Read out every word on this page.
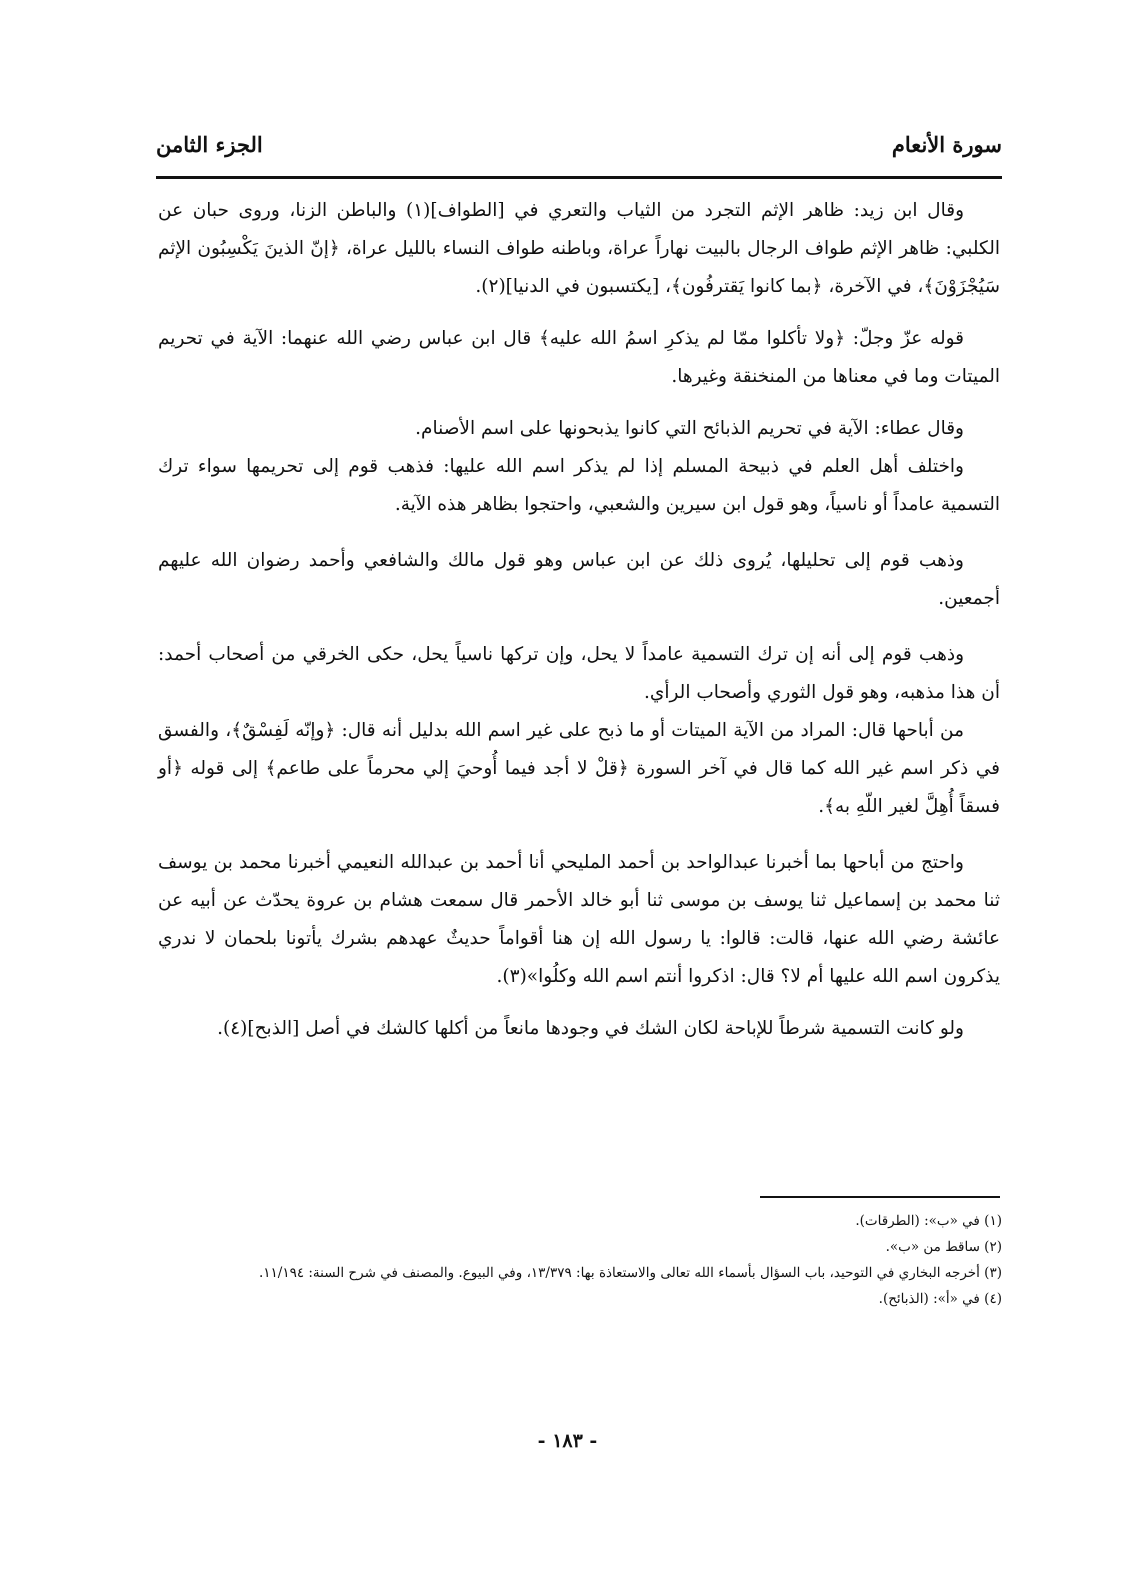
سورة الأنعام
الجزء الثامن

وقال ابن زيد: ظاهر الإثم التجرد من الثياب والتعري في [الطواف](١) والباطن الزنا، وروى حبان عن الكلبي: ظاهر الإثم طواف الرجال بالبيت نهاراً عراة، وباطنه طواف النساء بالليل عراة، ﴿إنّ الذينَ يَكْسِبُون الإثم سَيُجْزَوْنَ﴾، في الآخرة، ﴿بما كانوا يَقترفُون﴾، [يكتسبون في الدنيا](٢).

قوله عزّ وجلّ: ﴿ولا تأكلوا ممّا لم يذكرِ اسمُ الله عليه﴾ قال ابن عباس رضي الله عنهما: الآية في تحريم الميتات وما في معناها من المنخنقة وغيرها.

وقال عطاء: الآية في تحريم الذبائح التي كانوا يذبحونها على اسم الأصنام.

واختلف أهل العلم في ذبيحة المسلم إذا لم يذكر اسم الله عليها: فذهب قوم إلى تحريمها سواء ترك التسمية عامداً أو ناسياً، وهو قول ابن سيرين والشعبي، واحتجوا بظاهر هذه الآية.

وذهب قوم إلى تحليلها، يُروى ذلك عن ابن عباس وهو قول مالك والشافعي وأحمد رضوان الله عليهم أجمعين.

وذهب قوم إلى أنه إن ترك التسمية عامداً لا يحل، وإن تركها ناسياً يحل، حكى الخرقي من أصحاب أحمد: أن هذا مذهبه، وهو قول الثوري وأصحاب الرأي.

من أباحها قال: المراد من الآية الميتات أو ما ذبح على غير اسم الله بدليل أنه قال: ﴿وإنّه لَفِسْقٌ﴾، والفسق في ذكر اسم غير الله كما قال في آخر السورة ﴿قلْ لا أجد فيما أُوحيَ إلي محرماً على طاعم﴾ إلى قوله ﴿أو فسقاً أُهِلَّ لغير اللّهِ به﴾.

واحتج من أباحها بما أخبرنا عبدالواحد بن أحمد المليحي أنا أحمد بن عبدالله النعيمي أخبرنا محمد بن يوسف ثنا محمد بن إسماعيل ثنا يوسف بن موسى ثنا أبو خالد الأحمر قال سمعت هشام بن عروة يحدّث عن أبيه عن عائشة رضي الله عنها، قالت: قالوا: يا رسول الله إن هنا أقواماً حديثٌ عهدهم بشرك يأتونا بلحمان لا ندري يذكرون اسم الله عليها أم لا؟ قال: اذكروا أنتم اسم الله وكلُوا»(٣).

ولو كانت التسمية شرطاً للإباحة لكان الشك في وجودها مانعاً من أكلها كالشك في أصل [الذبح](٤).

(١) في «ب»: (الطرقات).

(٢) ساقط من «ب».

(٣) أخرجه البخاري في التوحيد، باب السؤال بأسماء الله تعالى والاستعاذة بها: ١٣/٣٧٩، وفي البيوع. والمصنف في شرح السنة: ١١/١٩٤.

(٤) في «أ»: (الذبائح).

- ١٨٣ -
